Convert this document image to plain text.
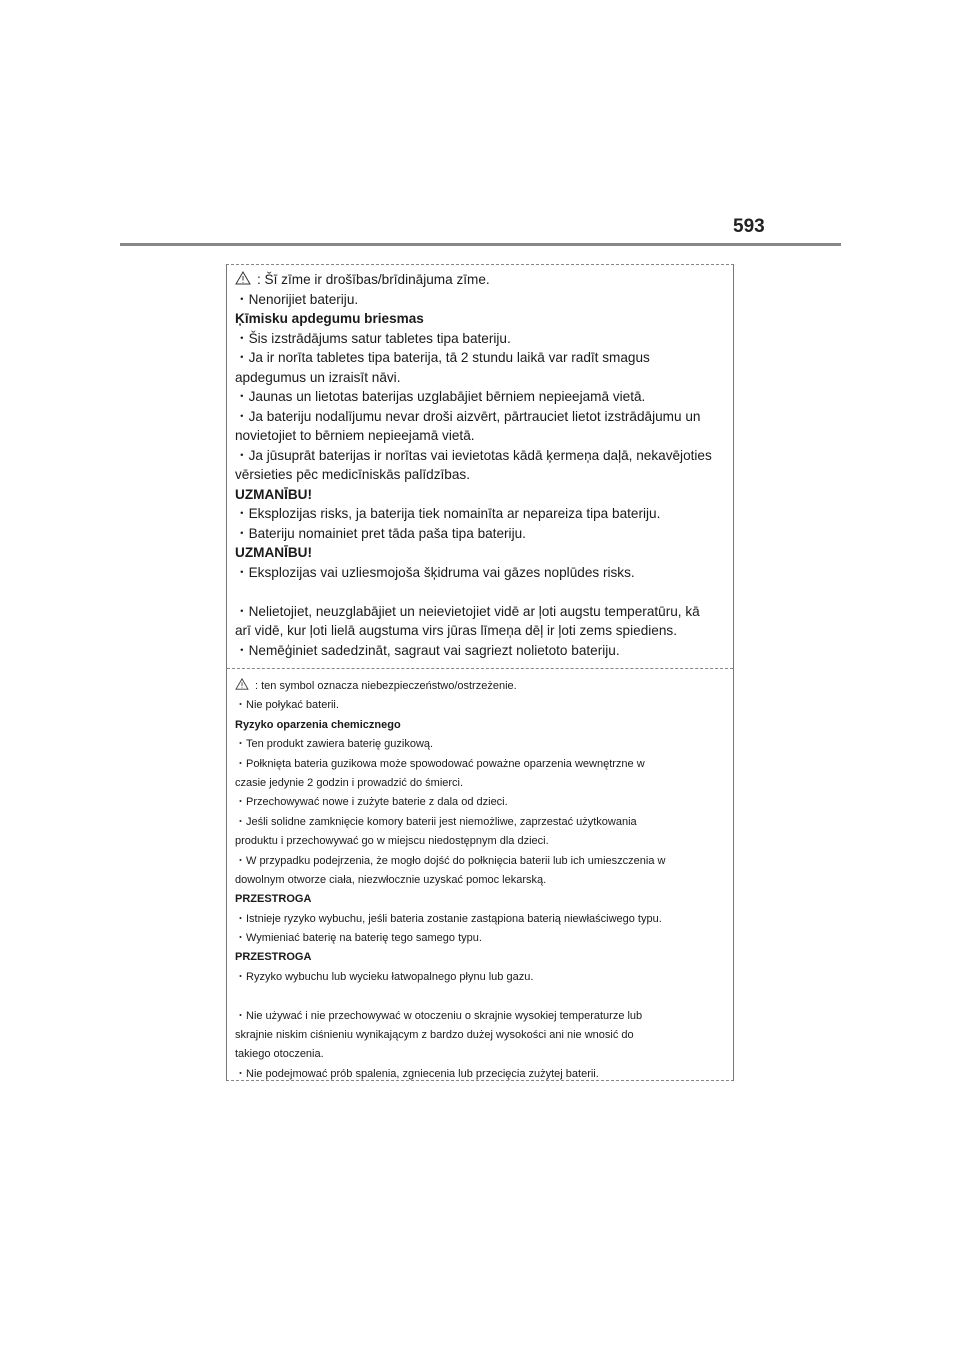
593
: Šī zīme ir drošības/brīdinājuma zīme.
・Nenorijiet bateriju.
Ķīmisku apdegumu briesmas
・Šis izstrādājums satur tabletes tipa bateriju.
・Ja ir norīta tabletes tipa baterija, tā 2 stundu laikā var radīt smagus
apdegumus un izraisīt nāvi.
・Jaunas un lietotas baterijas uzglabājiet bērniem nepieejamā vietā.
・Ja bateriju nodalījumu nevar droši aizvērt, pārtrauciet lietot izstrādājumu un
novietojiet to bērniem nepieejamā vietā.
・Ja jūsuprāt baterijas ir norītas vai ievietotas kādā ķermeņa daļā, nekavējoties
vērsieties pēc medicīniskās palīdzības.
UZMANĪBU!
・Eksplozijas risks, ja baterija tiek nomainīta ar nepareiza tipa bateriju.
・Bateriju nomainiet pret tāda paša tipa bateriju.
UZMANĪBU!
・Eksplozijas vai uzliesmojoša šķidruma vai gāzes noplūdes risks.
・Nelietojiet, neuzglabājiet un neievietojiet vidē ar ļoti augstu temperatūru, kā
arī vidē, kur ļoti lielā augstuma virs jūras līmeņa dēļ ir ļoti zems spiediens.
・Nemēģiniet sadedzināt, sagraut vai sagriezt nolietoto bateriju.
: ten symbol oznacza niebezpieczeństwo/ostrzeżenie.
・Nie połykać baterii.
Ryzyko oparzenia chemicznego
・Ten produkt zawiera baterię guzikową.
・Połknięta bateria guzikowa może spowodować poważne oparzenia wewnętrzne w
czasie jedynie 2 godzin i prowadzić do śmierci.
・Przechowywać nowe i zużyte baterie z dala od dzieci.
・Jeśli solidne zamknięcie komory baterii jest niemożliwe, zaprzestać użytkowania
produktu i przechowywać go w miejscu niedostępnym dla dzieci.
・W przypadku podejrzenia, że mogło dojść do połknięcia baterii lub ich umieszczenia w
dowolnym otworze ciała, niezwłocznie uzyskać pomoc lekarską.
PRZESTROGA
・Istnieje ryzyko wybuchu, jeśli bateria zostanie zastąpiona baterią niewłaściwego typu.
・Wymieniać baterię na baterię tego samego typu.
PRZESTROGA
・Ryzyko wybuchu lub wycieku łatwopalnego płynu lub gazu.
・Nie używać i nie przechowywać w otoczeniu o skrajnie wysokiej temperaturze lub
skrajnie niskim ciśnieniu wynikającym z bardzo dużej wysokości ani nie wnosić do
takiego otoczenia.
・Nie podejmować prób spalenia, zgniecenia lub przecięcia zużytej baterii.
